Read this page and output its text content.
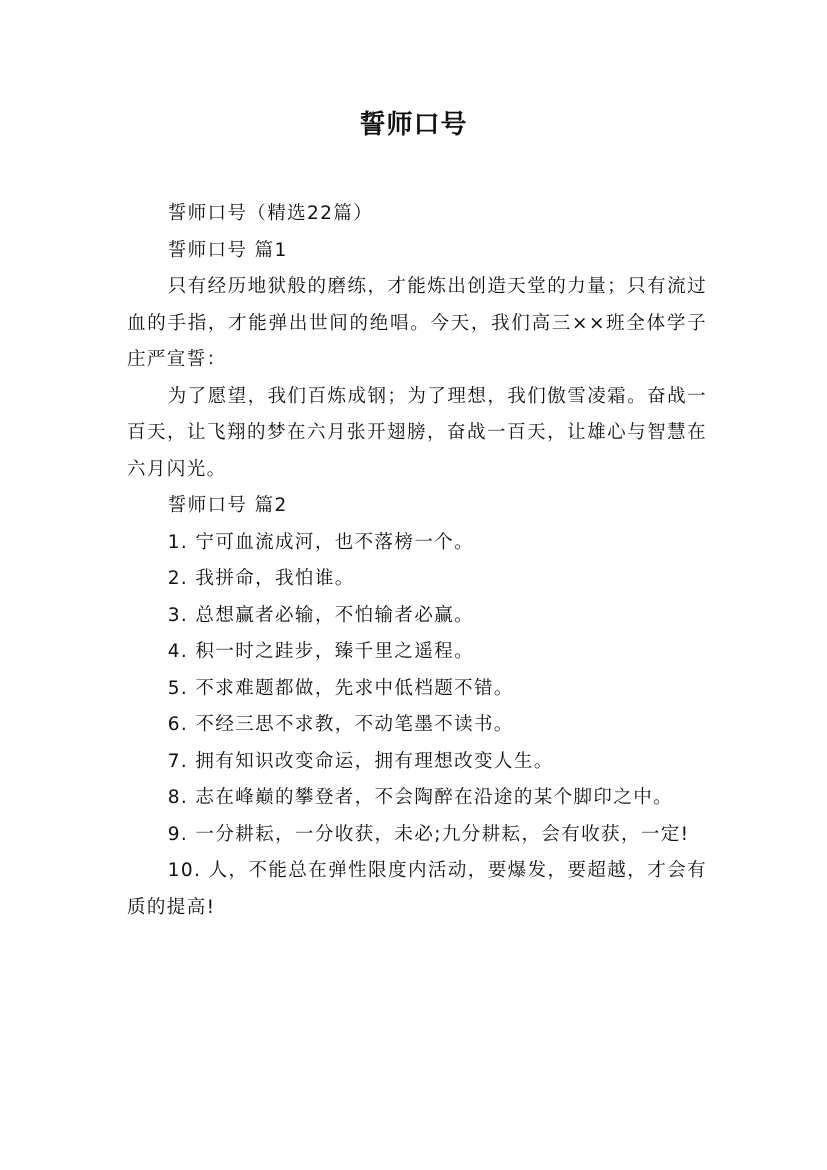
誓师口号

誓师口号（精选22篇）

誓师口号 篇1

只有经历地狱般的磨练，才能炼出创造天堂的力量；只有流过血的手指，才能弹出世间的绝唱。今天，我们高三××班全体学子庄严宣誓：

为了愿望，我们百炼成钢；为了理想，我们傲雪凌霜。奋战一百天，让飞翔的梦在六月张开翅膀，奋战一百天，让雄心与智慧在六月闪光。

誓师口号 篇2

1. 宁可血流成河，也不落榜一个。

2. 我拼命，我怕谁。

3. 总想赢者必输，不怕输者必赢。

4. 积一时之跬步，臻千里之遥程。

5. 不求难题都做，先求中低档题不错。

6. 不经三思不求教，不动笔墨不读书。

7. 拥有知识改变命运，拥有理想改变人生。

8. 志在峰巅的攀登者，不会陶醉在沿途的某个脚印之中。

9. 一分耕耘，一分收获，未必;九分耕耘，会有收获，一定!

10. 人，不能总在弹性限度内活动，要爆发，要超越，才会有质的提高!
